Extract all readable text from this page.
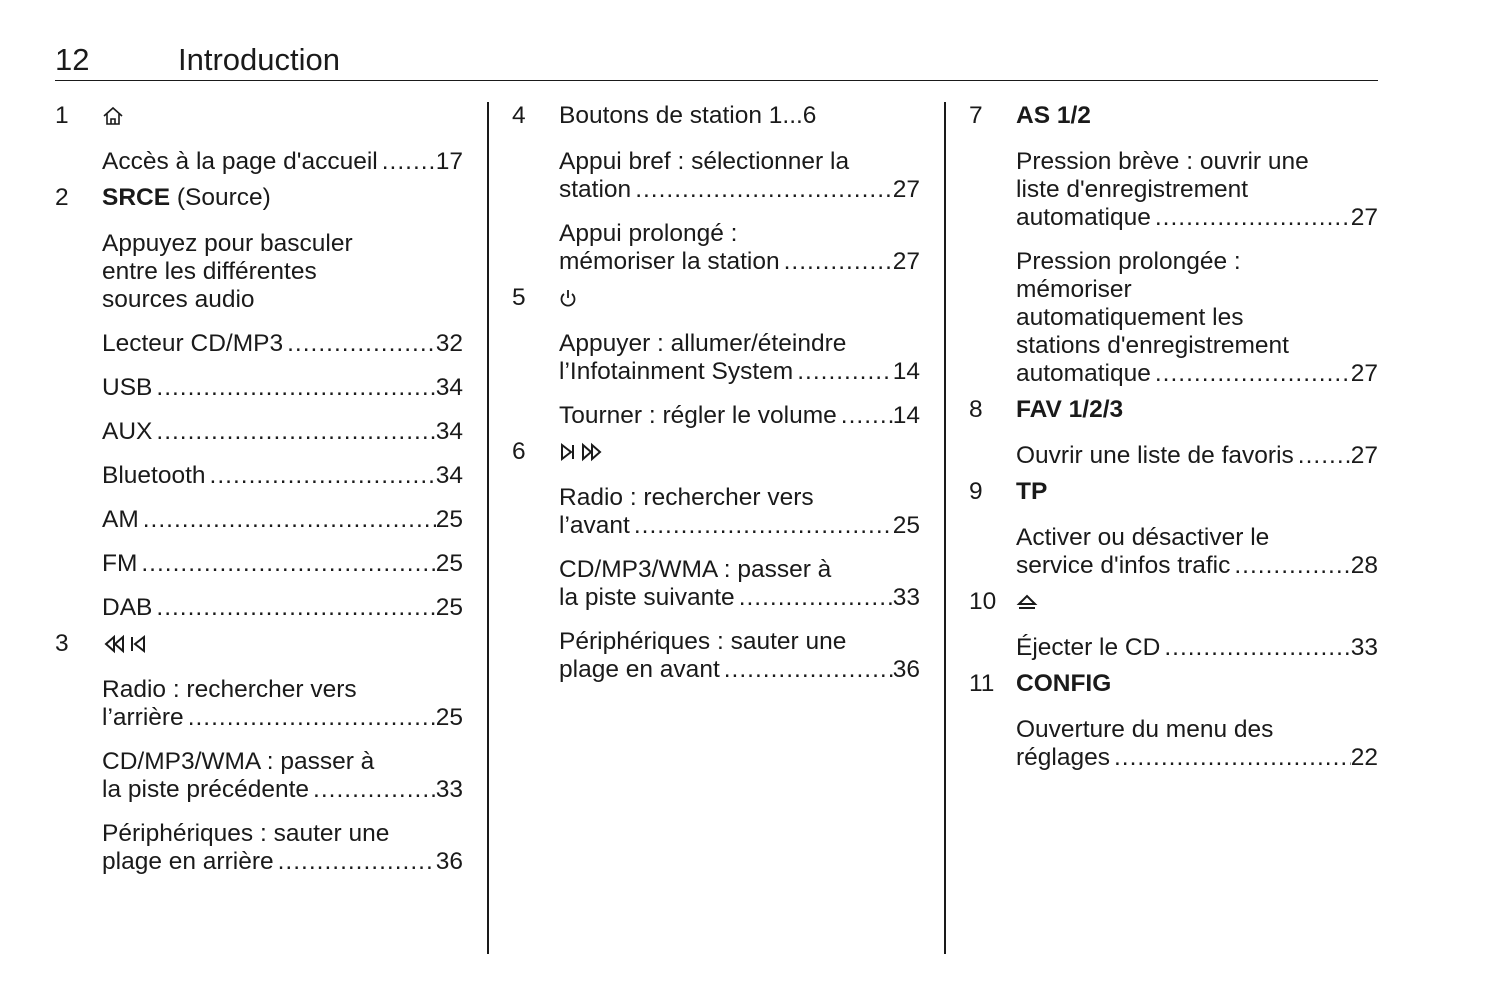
12	Introduction
1
Accès à la page d'accueil ..... 17
2	SRCE (Source)
Appuyez pour basculer
entre les différentes
sources audio
Lecteur CD/MP3 .....	32
USB .....	34
AUX .....	34
Bluetooth .....	34
AM .....	25
FM .....	25
DAB .....	25
3
Radio : rechercher vers
l’arrière .....	25
CD/MP3/WMA : passer à
la piste précédente .....	33
Périphériques : sauter une
plage en arrière .....	36
4	Boutons de station 1...6
Appui bref : sélectionner la
station .....	27
Appui prolongé :
mémoriser la station .....	27
5
Appuyer : allumer/éteindre
l’Infotainment System .....	14
Tourner : régler le volume ..... 14
6
Radio : rechercher vers
l’avant .....	25
CD/MP3/WMA : passer à
la piste suivante .....	33
Périphériques : sauter une
plage en avant .....	36
7	AS 1/2
Pression brève : ouvrir une
liste d'enregistrement
automatique .....	27
Pression prolongée :
mémoriser
automatiquement les
stations d'enregistrement
automatique .....	27
8	FAV 1/2/3
Ouvrir une liste de favoris ..... 27
9	TP
Activer ou désactiver le
service d'infos trafic .....	28
10
Éjecter le CD .....	33
11 CONFIG
Ouverture du menu des
réglages .....	22
